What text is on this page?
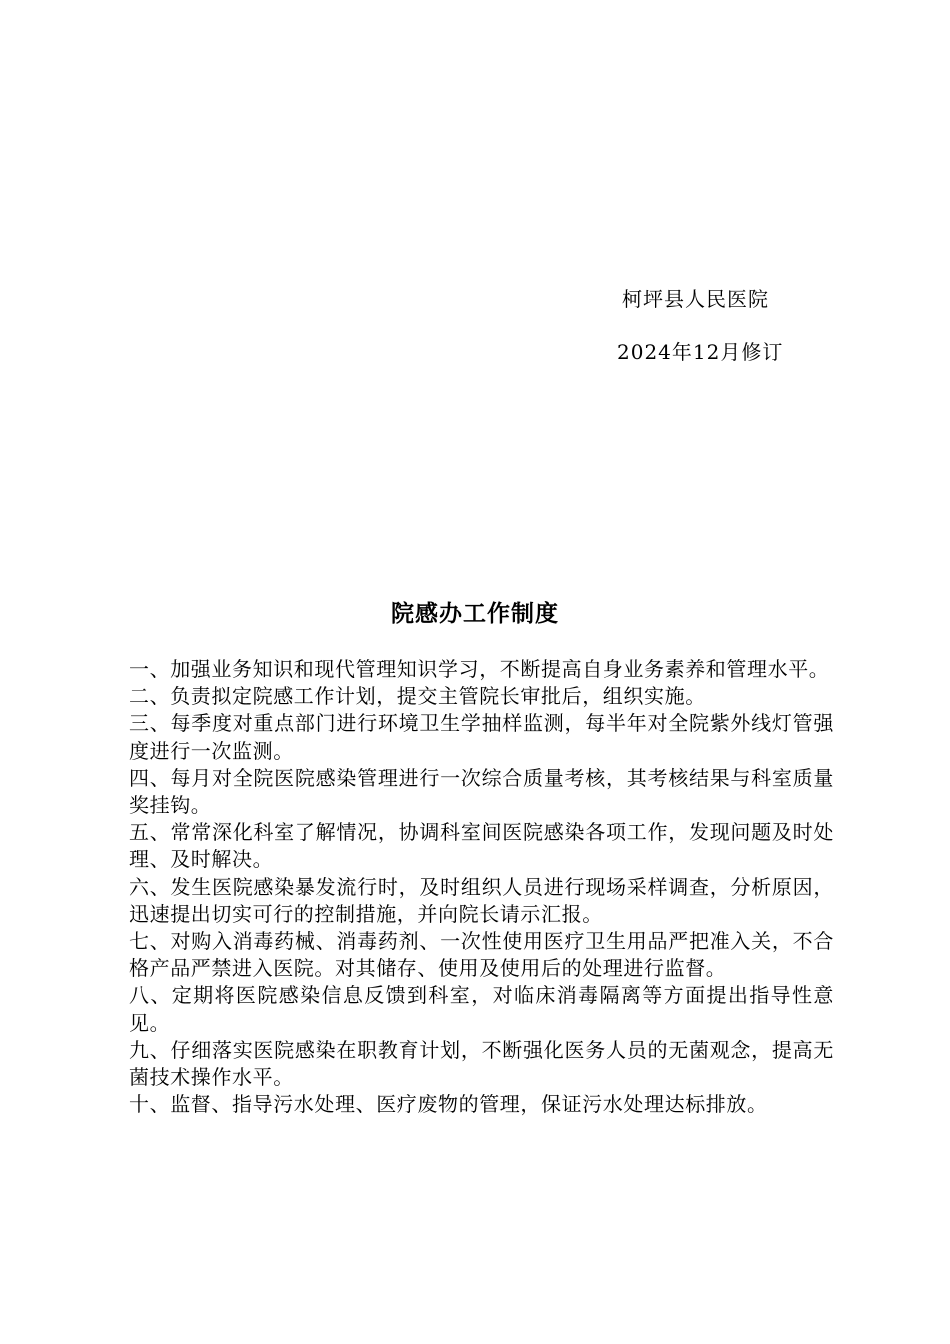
柯坪县人民医院
2024年12月修订
院感办工作制度
一、加强业务知识和现代管理知识学习，不断提高自身业务素养和管理水平。
二、负责拟定院感工作计划，提交主管院长审批后，组织实施。
三、每季度对重点部门进行环境卫生学抽样监测，每半年对全院紫外线灯管强度进行一次监测。
四、每月对全院医院感染管理进行一次综合质量考核，其考核结果与科室质量奖挂钩。
五、常常深化科室了解情况，协调科室间医院感染各项工作，发现问题及时处理、及时解决。
六、发生医院感染暴发流行时，及时组织人员进行现场采样调查，分析原因，迅速提出切实可行的控制措施，并向院长请示汇报。
七、对购入消毒药械、消毒药剂、一次性使用医疗卫生用品严把准入关，不合格产品严禁进入医院。对其储存、使用及使用后的处理进行监督。
八、定期将医院感染信息反馈到科室，对临床消毒隔离等方面提出指导性意见。
九、仔细落实医院感染在职教育计划，不断强化医务人员的无菌观念，提高无菌技术操作水平。
十、监督、指导污水处理、医疗废物的管理，保证污水处理达标排放。
